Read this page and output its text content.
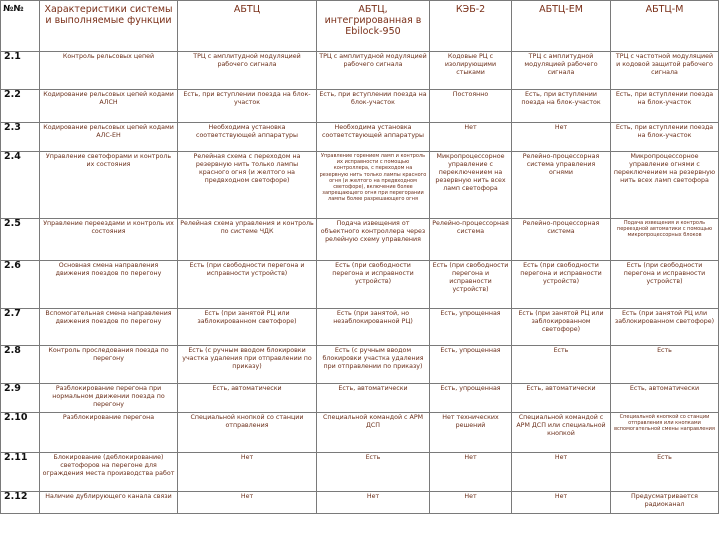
№№	Характеристики системы и выполняемые функции	АБТЦ	АБТЦ, интегрированная в Ebilock-950	КЭБ-2	АБТЦ-ЕМ	АБТЦ-М
2.1	Контроль рельсовых цепей	ТРЦ с амплитудной модуляцией рабочего сигнала	ТРЦ с амплитудной модуляцией рабочего сигнала	Кодовые РЦ с изолирующими стыками	ТРЦ с амплитудной модуляцией рабочего сигнала	ТРЦ с частотной модуляцией и кодовой защитой рабочего сигнала
2.2	Кодирование рельсовых цепей кодами АЛСН	Есть, при вступлении поезда на блок-участок	Есть, при вступлении поезда на блок-участок	Постоянно	Есть, при вступлении поезда на блок-участок	Есть, при вступлении поезда на блок-участок
2.3	Кодирование рельсовых цепей кодами АЛС-ЕН	Необходима установка соответствующей аппаратуры	Необходима установка соответствующей аппаратуры	Нет	Нет	Есть, при вступлении поезда на блок-участок
2.4	Управление светофорами и контроль их состояния	Релейная схема с переходом на резервную нить только лампы красного огня (и желтого на предвходном светофоре)	Управление горением ламп и контроль их исправности с помощью контроллера, с переходом на резервную нить только лампы красного огня (и желтого на предвходном светофоре), включение более запрещающего огня при перегорании лампы более разрешающего огня	Микропроцессорное управление с переключением на резервную нить всех ламп светофора	Релейно-процессорная система управления огнями	Микропроцессорное управление огнями с переключением на резервную нить всех ламп светофора
2.5	Управление переездами и контроль их состояния	Релейная схема управления и контроль по системе ЧДК	Подача извещения от объектного контроллера через релейную схему управления	Релейно-процессорная система	Релейно-процессорная система	Подача извещения и контроль переездной автоматики с помощью микропроцессорных блоков
2.6	Основная смена направления движения поездов по перегону	Есть (при свободности перегона и исправности устройств)	Есть (при свободности перегона и исправности устройств)	Есть (при свободности перегона и исправности устройств)	Есть (при свободности перегона и исправности устройств)	Есть (при свободности перегона и исправности устройств)
2.7	Вспомогательная смена направления движения поездов по перегону	Есть (при занятой РЦ или заблокированном светофоре)	Есть (при занятой, но незаблокированной РЦ)	Есть, упрощенная	Есть (при занятой РЦ или заблокированном светофоре)	Есть (при занятой РЦ или заблокированном светофоре)
2.8	Контроль проследования поезда по перегону	Есть (с ручным вводом блокировки участка удаления при отправлении по приказу)	Есть (с ручным вводом блокировки участка удаления при отправлении по приказу)	Есть, упрощенная	Есть	Есть
2.9	Разблокирование перегона при нормальном движении поезда по перегону	Есть, автоматически	Есть, автоматически	Есть, упрощенная	Есть, автоматически	Есть, автоматически
2.10	Разблокирование перегона	Специальной кнопкой со станции отправления	Специальной командой с АРМ ДСП	Нет технических решений	Специальной командой с АРМ ДСП или специальной кнопкой	Специальной кнопкой со станции отправления или кнопками вспомогательной смены направления
2.11	Блокирование (деблокирование) светофоров на перегоне для ограждения места производства работ	Нет	Есть	Нет	Нет	Есть
2.12	Наличие дублирующего канала связи	Нет	Нет	Нет	Нет	Предусматривается радиоканал
